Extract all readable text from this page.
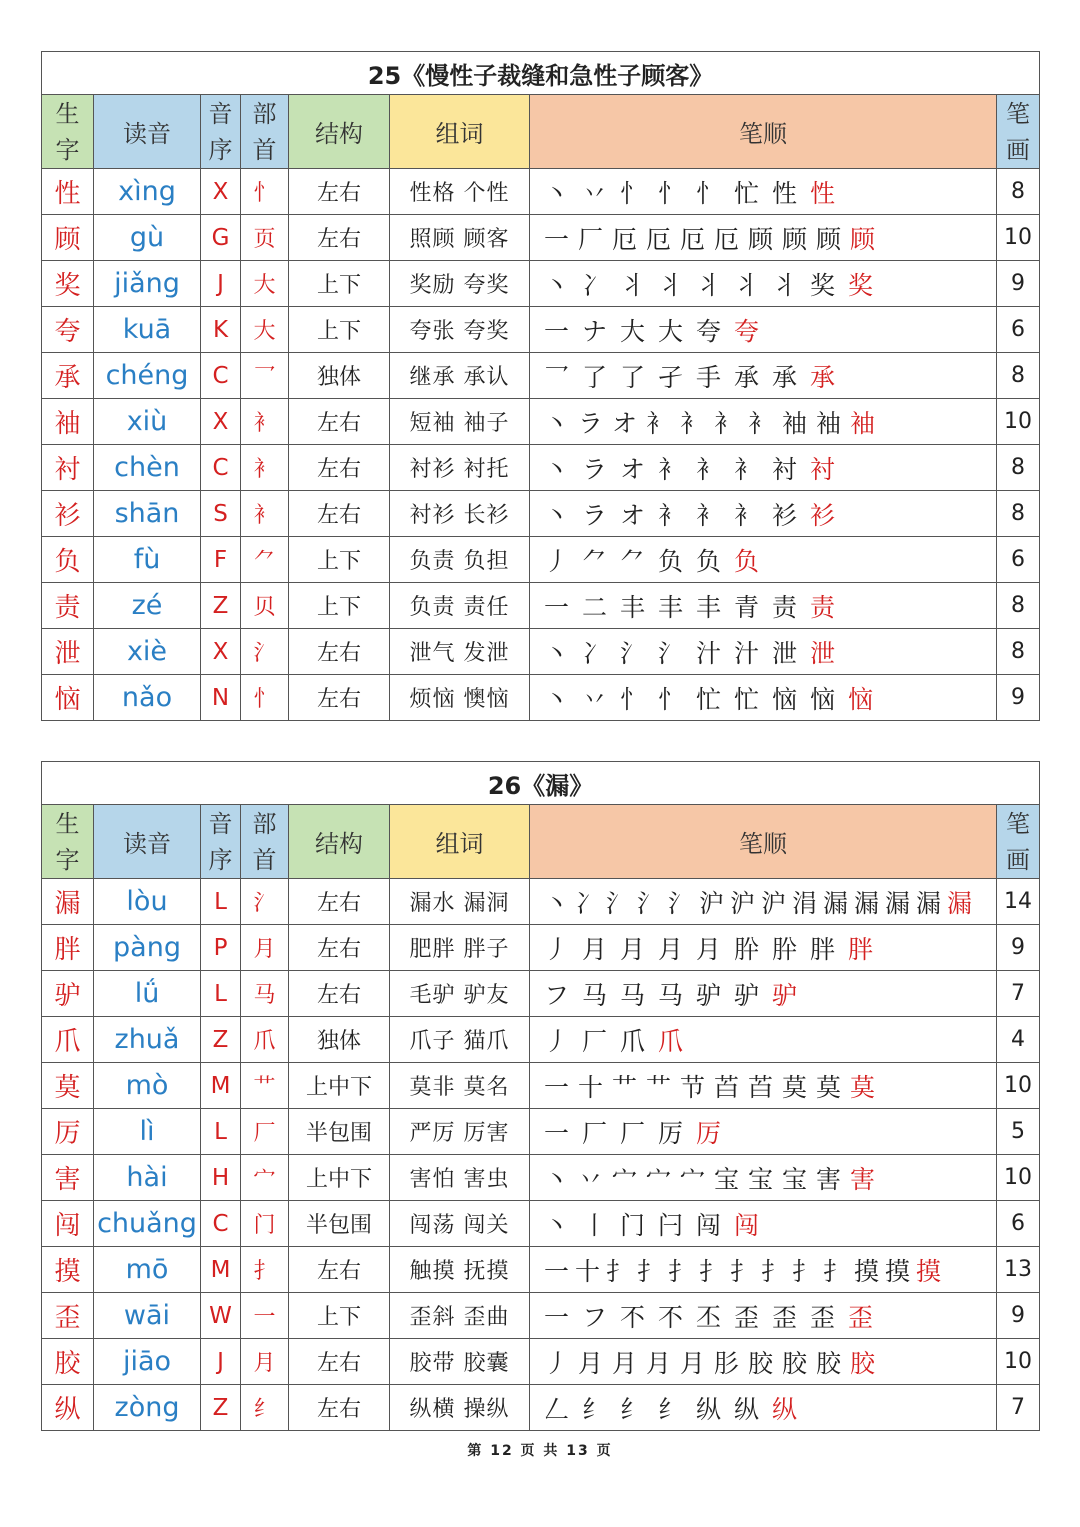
25《慢性子裁缝和急性子顾客》							
生字	读音	音序	部首	结构	组词	笔顺	笔画
性	xìng	X	忄	左右	性格 个性	丶 丷 忄 忄 忄 忙 性 性	8
顾	gù	G	页	左右	照顾 顾客	一 厂 厄 厄 厄 厄 顾 顾 顾 顾	10
奖	jiǎng	J	大	上下	奖励 夸奖	丶 冫 丬 丬 丬 丬 丬 奖 奖	9
夸	kuā	K	大	上下	夸张 夸奖	一 ナ 大 大 夸 夸	6
承	chéng	C	乛	独体	继承 承认	乛 了 了 孑 手 承 承 承	8
袖	xiù	X	衤	左右	短袖 袖子	丶 ラ オ 衤 衤 衤 衤 袖 袖 袖	10
衬	chèn	C	衤	左右	衬衫 衬托	丶 ラ オ 衤 衤 衤 衬 衬	8
衫	shān	S	衤	左右	衬衫 长衫	丶 ラ オ 衤 衤 衤 衫 衫	8
负	fù	F	⺈	上下	负责 负担	丿 ⺈ ⺈ 负 负 负	6
责	zé	Z	贝	上下	负责 责任	一 二 丰 丰 丰 青 责 责	8
泄	xiè	X	氵	左右	泄气 发泄	丶 冫 氵 氵 汁 汁 泄 泄	8
恼	nǎo	N	忄	左右	烦恼 懊恼	丶 丷 忄 忄 忙 忙 恼 恼 恼	9
26《漏》							
生字	读音	音序	部首	结构	组词	笔顺	笔画
漏	lòu	L	氵	左右	漏水 漏洞	丶 冫 氵 氵 氵 沪 沪 沪 涓 漏 漏 漏 漏 漏	14
胖	pàng	P	月	左右	肥胖 胖子	丿 月 月 月 月 肸 肸 胖 胖	9
驴	lǘ	L	马	左右	毛驴 驴友	フ 马 马 马 驴 驴 驴	7
爪	zhuǎ	Z	爪	独体	爪子 猫爪	丿 厂 爪 爪	4
莫	mò	M	艹	上中下	莫非 莫名	一 十 艹 艹 节 苩 苩 莫 莫 莫	10
厉	lì	L	厂	半包围	严厉 厉害	一 厂 厂 厉 厉	5
害	hài	H	宀	上中下	害怕 害虫	丶 丷 宀 宀 宀 宝 宝 宝 害 害	10
闯	chuǎng	C	门	半包围	闯荡 闯关	丶 丨 门 闩 闯 闯	6
摸	mō	M	扌	左右	触摸 抚摸	一 十 扌 扌 扌 扌 扌 扌 扌 扌 摸 摸 摸	13
歪	wāi	W	一	上下	歪斜 歪曲	一 フ 不 不 丕 歪 歪 歪 歪	9
胶	jiāo	J	月	左右	胶带 胶囊	丿 月 月 月 月 肜 胶 胶 胶 胶	10
纵	zòng	Z	纟	左右	纵横 操纵	𠃋 纟 纟 纟 纵 纵 纵	7
第 12 页 共 13 页
